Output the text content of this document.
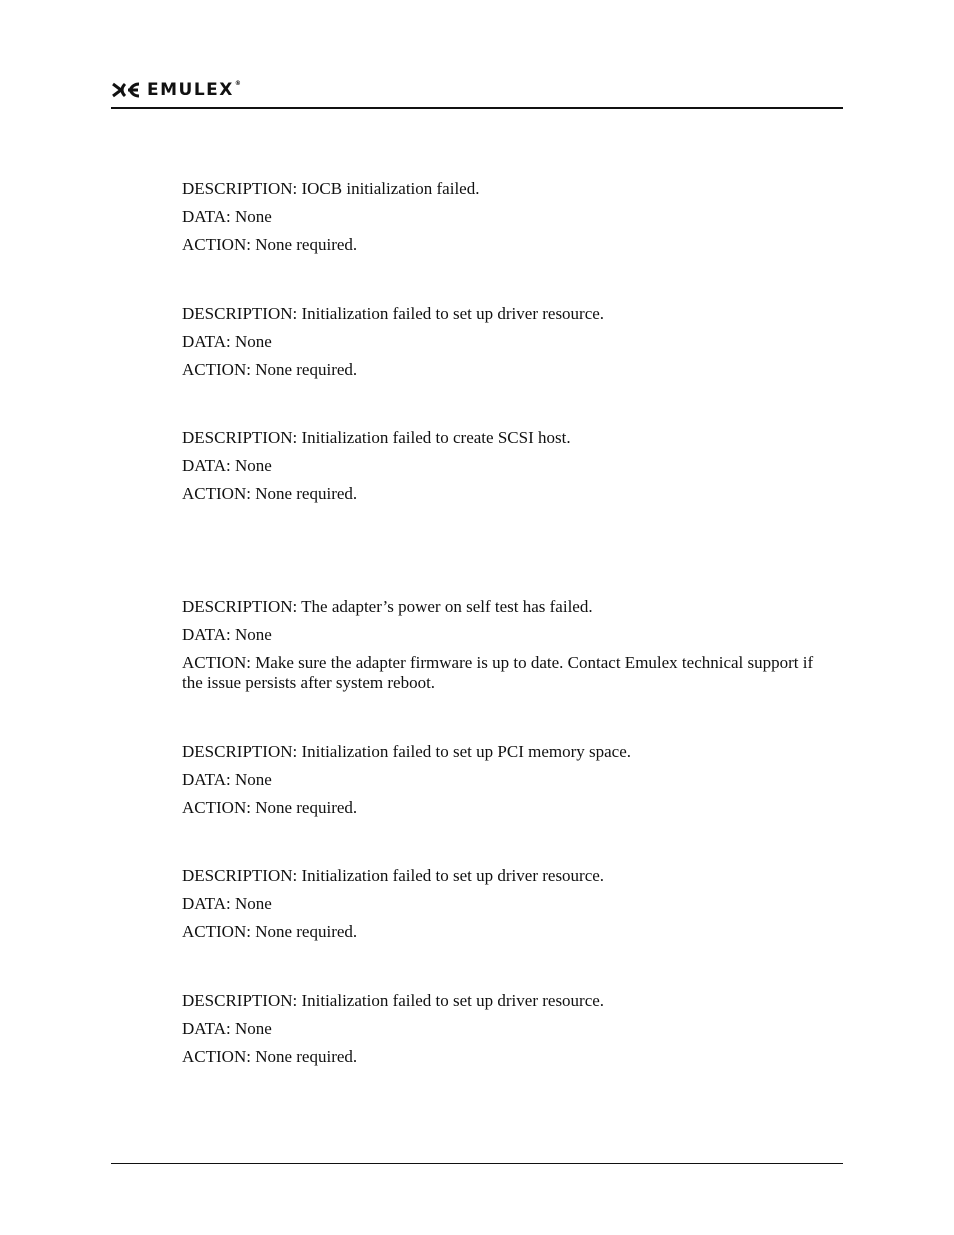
EMULEX®
DESCRIPTION: IOCB initialization failed.
DATA: None
ACTION: None required.
DESCRIPTION: Initialization failed to set up driver resource.
DATA: None
ACTION: None required.
DESCRIPTION: Initialization failed to create SCSI host.
DATA: None
ACTION: None required.
DESCRIPTION: The adapter’s power on self test has failed.
DATA: None
ACTION: Make sure the adapter firmware is up to date. Contact Emulex technical support if the issue persists after system reboot.
DESCRIPTION: Initialization failed to set up PCI memory space.
DATA: None
ACTION: None required.
DESCRIPTION: Initialization failed to set up driver resource.
DATA: None
ACTION: None required.
DESCRIPTION: Initialization failed to set up driver resource.
DATA: None
ACTION: None required.
